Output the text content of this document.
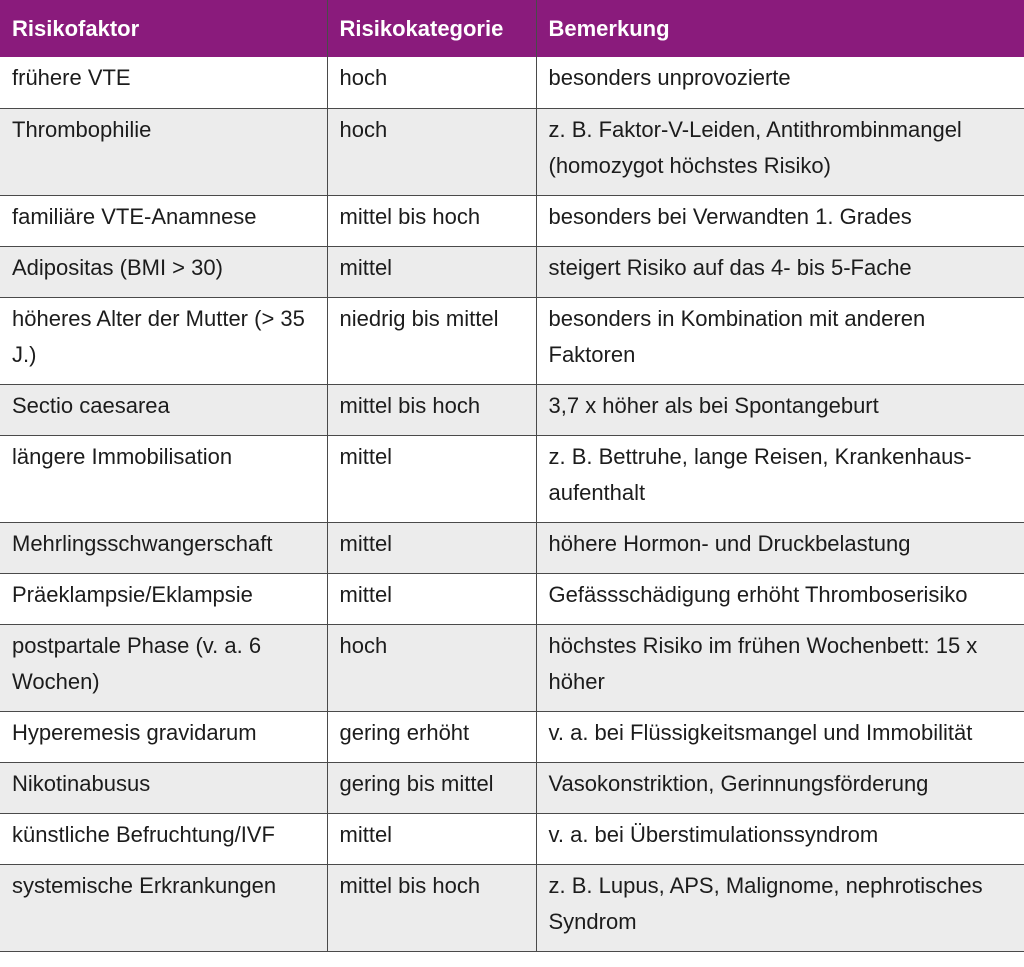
Risikofaktor	Risikokategorie	Bemerkung
frühere VTE	hoch	besonders unprovozierte
Thrombophilie	hoch	z. B. Faktor-V-Leiden, Antithrombinmangel (homozygot höchstes Risiko)
familiäre VTE-Anamnese	mittel bis hoch	besonders bei Verwandten 1. Grades
Adipositas (BMI > 30)	mittel	steigert Risiko auf das 4- bis 5-Fache
höheres Alter der Mutter (> 35 J.)	niedrig bis mittel	besonders in Kombination mit anderen Faktoren
Sectio caesarea	mittel bis hoch	3,7 x höher als bei Spontangeburt
längere Immobilisation	mittel	z. B. Bettruhe, lange Reisen, Krankenhaus-aufenthalt
Mehrlingsschwangerschaft	mittel	höhere Hormon- und Druckbelastung
Präeklampsie/Eklampsie	mittel	Gefässschädigung erhöht Thromboserisiko
postpartale Phase (v. a. 6 Wochen)	hoch	höchstes Risiko im frühen Wochenbett: 15 x höher
Hyperemesis gravidarum	gering erhöht	v. a. bei Flüssigkeitsmangel und Immobilität
Nikotinabusus	gering bis mittel	Vasokonstriktion, Gerinnungsförderung
künstliche Befruchtung/IVF	mittel	v. a. bei Überstimulationssyndrom
systemische Erkrankungen	mittel bis hoch	z. B. Lupus, APS, Malignome, nephrotisches Syndrom
